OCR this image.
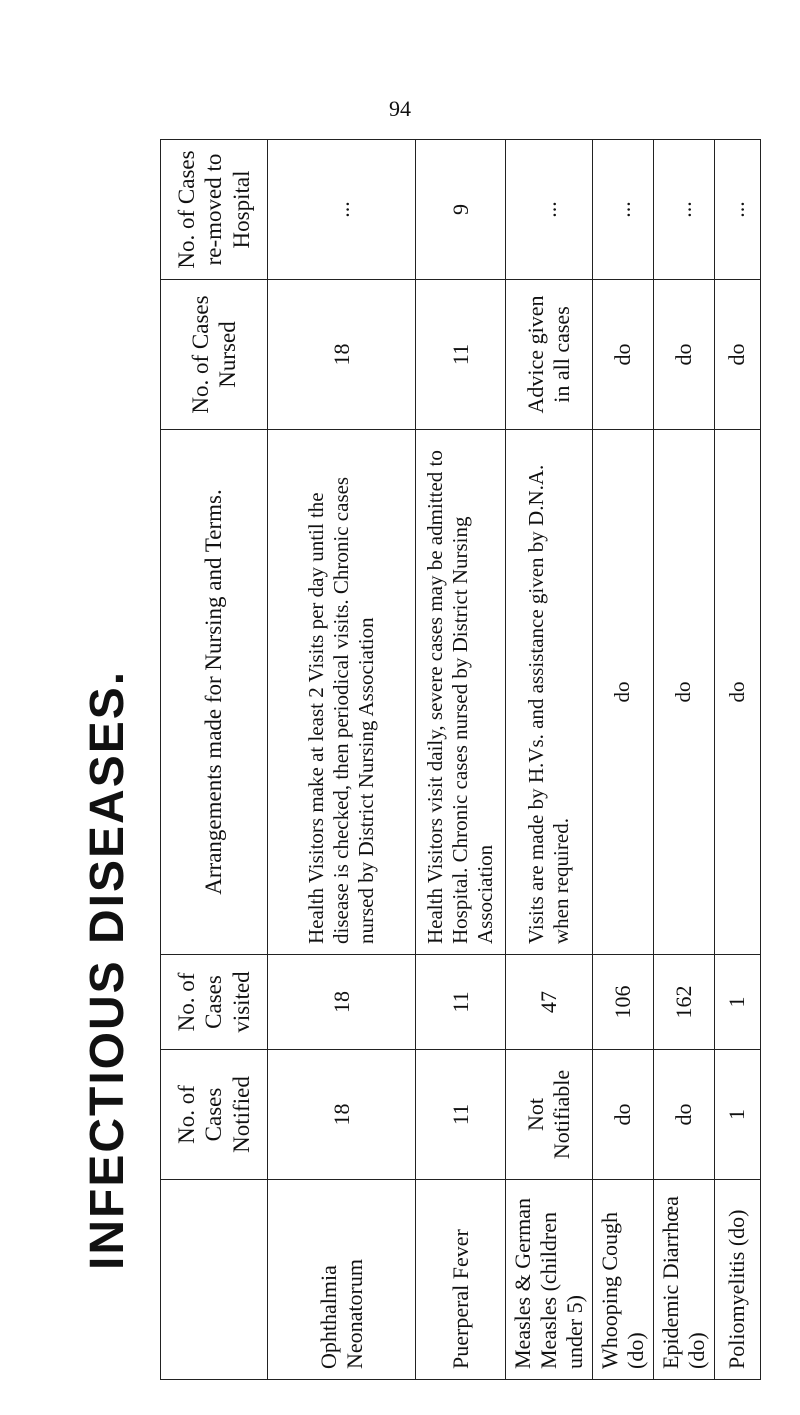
94
INFECTIOUS DISEASES.
	No. of Cases Notified	No. of Cases visited	Arrangements made for Nursing and Terms.	No. of Cases Nursed	No. of Cases re-moved to Hospital
Ophthalmia Neonatorum	18	18	Health Visitors make at least 2 Visits per day until the disease is checked, then periodical visits. Chronic cases nursed by District Nursing Association	18	...
Puerperal Fever	11	11	Health Visitors visit daily, severe cases may be admitted to Hospital. Chronic cases nursed by District Nursing Association	11	9
Measles & German Measles (children under 5)	Not Notifiable	47	Visits are made by H.Vs. and assistance given by D.N.A. when required.	Advice given in all cases	...
Whooping Cough (do)	do	106	do	do	...
Epidemic Diarrhœa (do)	do	162	do	do	...
Poliomyelitis (do)	1	1	do	do	...
